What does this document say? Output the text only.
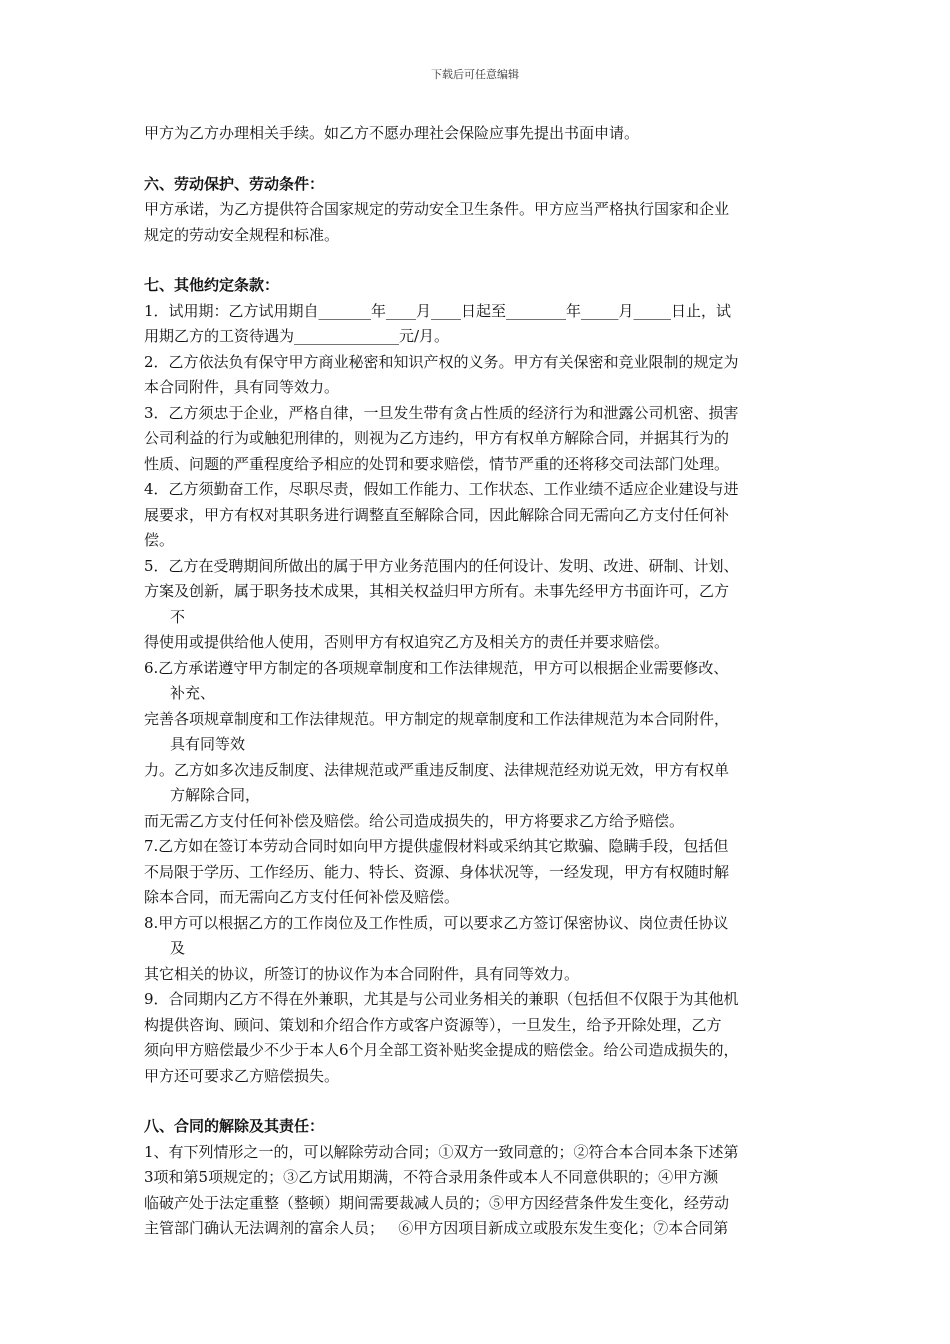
下载后可任意编辑

甲方为乙方办理相关手续。如乙方不愿办理社会保险应事先提出书面申请。

六、劳动保护、劳动条件：

甲方承诺，为乙方提供符合国家规定的劳动安全卫生条件。甲方应当严格执行国家和企业

规定的劳动安全规程和标准。

七、其他约定条款：

1．试用期：乙方试用期自_______年____月____日起至________年_____月_____日止，试

用期乙方的工资待遇为______________元/月。

2．乙方依法负有保守甲方商业秘密和知识产权的义务。甲方有关保密和竞业限制的规定为

本合同附件，具有同等效力。

3．乙方须忠于企业，严格自律，一旦发生带有贪占性质的经济行为和泄露公司机密、损害

公司利益的行为或触犯刑律的，则视为乙方违约，甲方有权单方解除合同，并据其行为的

性质、问题的严重程度给予相应的处罚和要求赔偿，情节严重的还将移交司法部门处理。

4．乙方须勤奋工作，尽职尽责，假如工作能力、工作状态、工作业绩不适应企业建设与进

展要求，甲方有权对其职务进行调整直至解除合同，因此解除合同无需向乙方支付任何补

偿。

5．乙方在受聘期间所做出的属于甲方业务范围内的任何设计、发明、改进、研制、计划、

方案及创新，属于职务技术成果，其相关权益归甲方所有。未事先经甲方书面许可，乙方

不

得使用或提供给他人使用，否则甲方有权追究乙方及相关方的责任并要求赔偿。

6.乙方承诺遵守甲方制定的各项规章制度和工作法律规范，甲方可以根据企业需要修改、

补充、

完善各项规章制度和工作法律规范。甲方制定的规章制度和工作法律规范为本合同附件，

具有同等效

力。乙方如多次违反制度、法律规范或严重违反制度、法律规范经劝说无效，甲方有权单

方解除合同，

而无需乙方支付任何补偿及赔偿。给公司造成损失的，甲方将要求乙方给予赔偿。

7.乙方如在签订本劳动合同时如向甲方提供虚假材料或采纳其它欺骗、隐瞒手段，包括但

不局限于学历、工作经历、能力、特长、资源、身体状况等，一经发现，甲方有权随时解

除本合同，而无需向乙方支付任何补偿及赔偿。

8.甲方可以根据乙方的工作岗位及工作性质，可以要求乙方签订保密协议、岗位责任协议

及

其它相关的协议，所签订的协议作为本合同附件，具有同等效力。

9．合同期内乙方不得在外兼职，尤其是与公司业务相关的兼职（包括但不仅限于为其他机

构提供咨询、顾问、策划和介绍合作方或客户资源等），一旦发生，给予开除处理，乙方

须向甲方赔偿最少不少于本人6个月全部工资补贴奖金提成的赔偿金。给公司造成损失的，

甲方还可要求乙方赔偿损失。

八、合同的解除及其责任：

1、有下列情形之一的，可以解除劳动合同；①双方一致同意的；②符合本合同本条下述第

3项和第5项规定的；③乙方试用期满，不符合录用条件或本人不同意供职的；④甲方濒

临破产处于法定重整（整顿）期间需要裁减人员的；⑤甲方因经营条件发生变化，经劳动

主管部门确认无法调剂的富余人员；   ⑥甲方因项目新成立或股东发生变化；⑦本合同第
